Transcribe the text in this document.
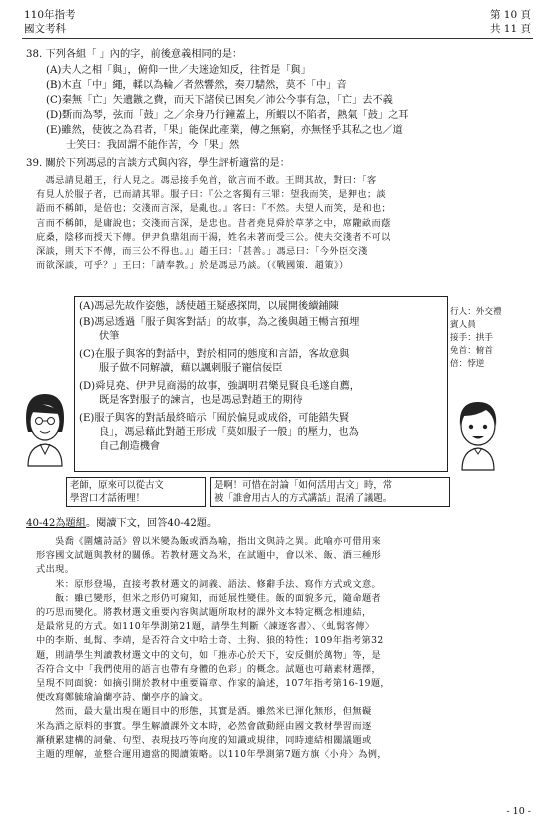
110年指考
國文考科
第 10 頁
共 11 頁
38. 下列各組「 」內的字，前後意義相同的是：
(A)夫人之相「與」，俯仰一世／夫迷途知反，往哲是「與」
(B)木直「中」繩，輮以為輪／者然響然，奏刀騞然，莫不「中」音
(C)秦無「亡」矢遺鏃之費，而天下諸侯已困矣／沛公今事有急，「亡」去不義
(D)斲而為琴，弦而「鼓」之／余身乃行鐘蓋上，所蝦以不陷者，熱氣「鼓」之耳
(E)雖然，使彼之為君者，「果」能保此產業，傳之無窮，亦無怪乎其私之也／道
士笑曰：我固謂不能作苦，今「果」然
39. 關於下列馮忌的言談方式與內容，學生評析適當的是：
　馮忌請見趙王，行人見之。馮忌接手免首，欲言而不敢。王問其故，對曰：「客
有見人於服子者，已而請其罪。服子曰：『公之客獨有三罪：望我而笑，是狎也；談
語而不稱師，是倍也；交淺而言深，是亂也。』客曰：『不然。夫望人而笑，是和也；
言而不稱師，是庸說也；交淺而言深，是忠也。昔者堯見舜於草茅之中，席隴畝而蔭
庇桑，陰移而授天下傳。伊尹負鼎俎而干湯，姓名未著而受三公。使夫交淺者不可以
深談，則天下不傳，而三公不得也。』」趙王曰：「甚善。」馮忌曰：「今外臣交淺
而欲深談，可乎？」王曰：「請奉教。」於是馮忌乃談。（《戰國策．趙策》）
(A)馮忌先故作姿態，誘使趙王疑惑探問，以展開後續鋪陳
(B)馮忌透過「服子與客對話」的故事，為之後與趙王暢言預埋
伏筆
(C)在服子與客的對話中，對於相同的態度和言語，客故意與
服子做不同解讀，藉以諷刺服子寵信佞臣
(D)舜見堯、伊尹見商湯的故事，強調明君樂見賢良毛遂自薦，
既是客對服子的諫言，也是馮忌對趙王的期待
(E)服子與客的對話最終暗示「囿於偏見或成俗，可能錯失賢
良」，馮忌藉此對趙王形成「莫如服子一般」的壓力，也為
自己創造機會
行人：外交禮
賓人員
接手：拱手
免首：俯首
倍：悖逆
老師，原來可以從古文
學習口才話術哩！
是啊！可惜在討論「如何活用古文」時，常
被「誰會用古人的方式講話」混淆了議題。
40-42為題組。閱讀下文，回答40-42題。
　　吳喬《圍爐詩話》曾以米變為飯或酒為喻，指出文與詩之異。此喻亦可借用來
形容國文試題與教材的關係。若教材選文為米，在試題中，會以米、飯、酒三種形
式出現。
　　米：原形登場，直接考教材選文的詞義、語法、修辭手法、寫作方式或文意。
　　飯：雖已變形，但米之形仍可窺知，而延展性變佳。飯的面貌多元，隨命題者
的巧思而變化。將教材選文重要內容與試題所取材的課外文本特定概念相連結，
是最常見的方式。如110年學測第21題，請學生判斷〈諫逐客書〉、〈虬髯客傳〉
中的李斯、虬髯、李靖，是否符合文中哈士奇、土狗、狼的特性；109年指考第32
題，則請學生判讀教材選文中的文句，如「推赤心於天下，安反側於萬物」等，是
否符合文中「我們使用的語言也帶有身體的色彩」的概念。試題也可藉素材選擇，
呈現不同面貌：如摘引開於教材中重要篇章、作家的論述，107年指考第16-19題，
便改寫鄭毓瑜論蘭亭詩、蘭亭序的論文。
　　然而，最大量出現在題目中的形態，其實是酒。雖然米已渾化無形，但無礙
米為酒之原料的事實。學生解讀課外文本時，必然會啟動經由國文教材學習而逐
漸積累建構的詞彙、句型、表現技巧等向度的知識或規律，同時連結相關議題或
主題的理解，並整合運用適當的閱讀策略。以110年學測第7題方旗〈小舟〉為例，
- 10 -
